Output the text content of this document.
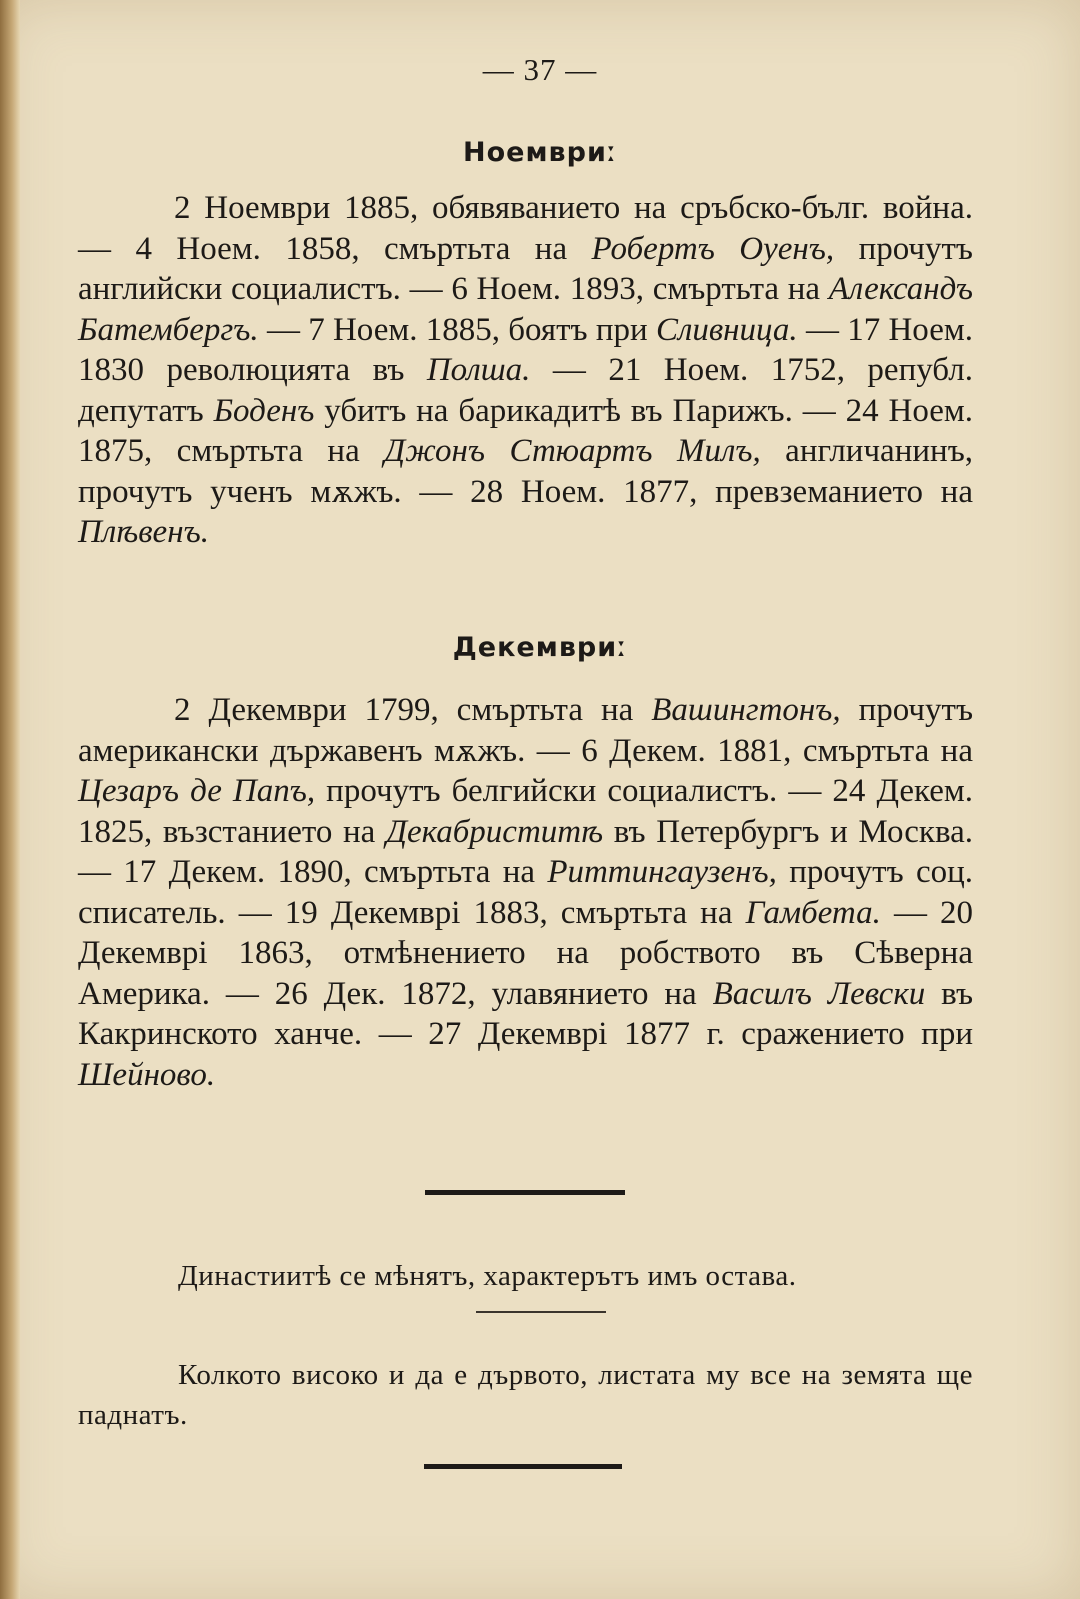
— 37 —
Ноемвриː

2 Ноември 1885, обявяванието на сръбско-бълг. война. — 4 Ноем. 1858, смъртьта на Робертъ Оуенъ, прочутъ английски социалистъ. — 6 Ноем. 1893, смъртьта на Александъ Батембергъ. — 7 Ноем. 1885, боятъ при Сливница. — 17 Ноем. 1830 революцията въ Полша. — 21 Ноем. 1752, републ. депутатъ Боденъ убитъ на барикадитѣ въ Парижъ. — 24 Ноем. 1875, смъртьта на Джонъ Стюартъ Милъ, англичанинъ, прочутъ ученъ мѫжъ. — 28 Ноем. 1877, превземанието на Плѣвенъ.

Декемвриː

2 Декември 1799, смъртьта на Вашингтонъ, прочутъ американски държавенъ мѫжъ. — 6 Декем. 1881, смъртьта на Цезаръ де Папъ, прочутъ белгийски социалистъ. — 24 Декем. 1825, възстанието на Декабриститѣ въ Петербургъ и Москва. — 17 Декем. 1890, смъртьта на Риттингаузенъ, прочутъ соц. списатель. — 19 Декемврi 1883, смъртьта на Гамбета. — 20 Декемврi 1863, отмѣнението на робството въ Сѣверна Америка. — 26 Дек. 1872, улавянието на Василъ Левски въ Какринското ханче. — 27 Декемврi 1877 г. сражението при Шейново.

Династиитѣ се мѣнятъ, характерътъ имъ остава.

Колкото високо и да е дървото, листата му все на земята ще паднатъ.
